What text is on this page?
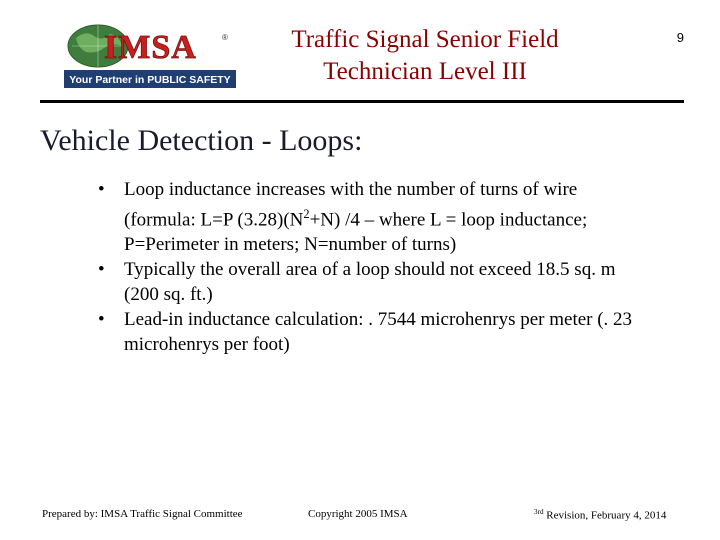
IMSA	®
Your Partner in PUBLIC SAFETY
Traffic Signal Senior Field
Technician Level III
9
Vehicle Detection - Loops:
• Loop inductance increases with the number of turns of wire (formula: L=P $(3.28)(N^2+N)$ /4 – where L = loop inductance; P=Perimeter in meters; N=number of turns)
• Typically the overall area of a loop should not exceed 18.5 sq. m (200 sq. ft.)
• Lead-in inductance calculation: . 7544 microhenrys per meter (. 23 microhenrys per foot)
Prepared by: IMSA Traffic Signal Committee	Copyright 2005 IMSA	$^{3rd}$ Revision, February 4, 2014
